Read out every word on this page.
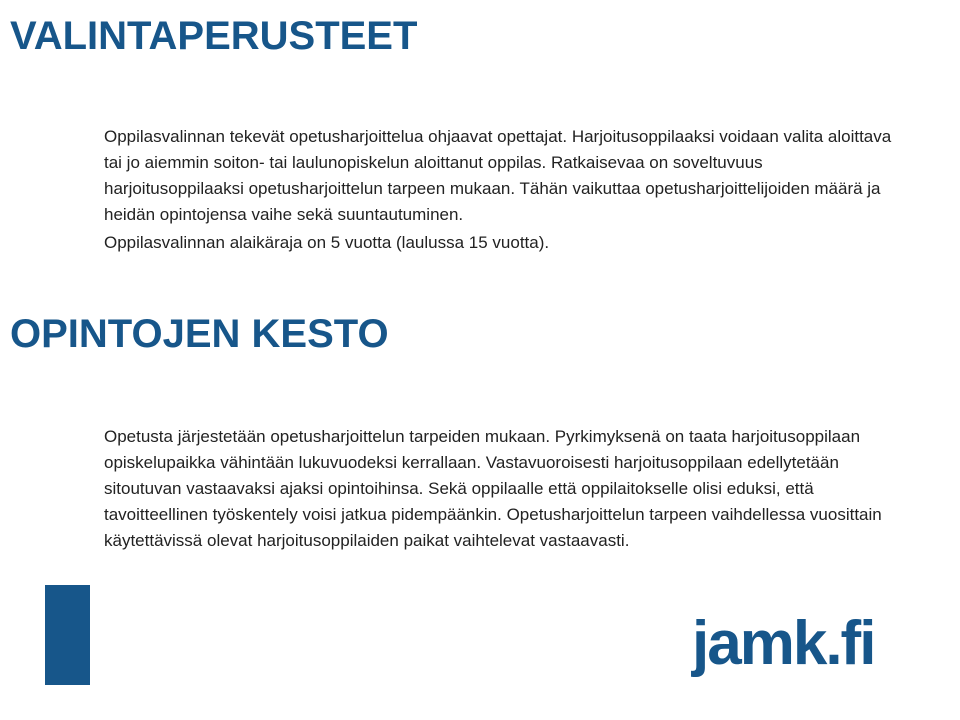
VALINTAPERUSTEET

Oppilasvalinnan tekevät opetusharjoittelua ohjaavat opettajat. Harjoitusoppilaaksi voidaan valita aloittava tai jo aiemmin soiton- tai laulunopiskelun aloittanut oppilas. Ratkaisevaa on soveltuvuus harjoitusoppilaaksi opetusharjoittelun tarpeen mukaan. Tähän vaikuttaa opetusharjoittelijoiden määrä ja heidän opintojensa vaihe sekä suuntautuminen.

Oppilasvalinnan alaikäraja on 5 vuotta (laulussa 15 vuotta).

OPINTOJEN KESTO

Opetusta järjestetään opetusharjoittelun tarpeiden mukaan. Pyrkimyksenä on taata harjoitusoppilaan opiskelupaikka vähintään lukuvuodeksi kerrallaan. Vastavuoroisesti harjoitusoppilaan edellytetään sitoutuvan vastaavaksi ajaksi opintoihinsa. Sekä oppilaalle että oppilaitokselle olisi eduksi, että tavoitteellinen työskentely voisi jatkua pidempäänkin. Opetusharjoittelun tarpeen vaihdellessa vuosittain käytettävissä olevat harjoitusoppilaiden paikat vaihtelevat vastaavasti.

jamk.fi
